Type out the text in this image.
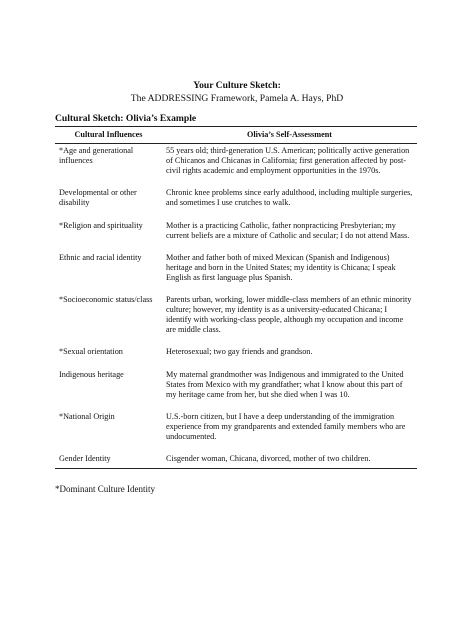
Your Culture Sketch:
The ADDRESSING Framework, Pamela A. Hays, PhD
Cultural Sketch: Olivia’s Example
Cultural Influences	Olivia’s Self-Assessment
*Age and generational influences	55 years old; third-generation U.S. American; politically active generation of Chicanos and Chicanas in California; first generation affected by post-civil rights academic and employment opportunities in the 1970s.
Developmental or other disability	Chronic knee problems since early adulthood, including multiple surgeries, and sometimes I use crutches to walk.
*Religion and spirituality	Mother is a practicing Catholic, father nonpracticing Presbyterian; my current beliefs are a mixture of Catholic and secular; I do not attend Mass.
Ethnic and racial identity	Mother and father both of mixed Mexican (Spanish and Indigenous) heritage and born in the United States; my identity is Chicana; I speak English as first language plus Spanish.
*Socioeconomic status/class	Parents urban, working, lower middle-class members of an ethnic minority culture; however, my identity is as a university-educated Chicana; I identify with working-class people, although my occupation and income are middle class.
*Sexual orientation	Heterosexual; two gay friends and grandson.
Indigenous heritage	My maternal grandmother was Indigenous and immigrated to the United States from Mexico with my grandfather; what I know about this part of my heritage came from her, but she died when I was 10.
*National Origin	U.S.-born citizen, but I have a deep understanding of the immigration experience from my grandparents and extended family members who are undocumented.
Gender Identity	Cisgender woman, Chicana, divorced, mother of two children.
*Dominant Culture Identity
